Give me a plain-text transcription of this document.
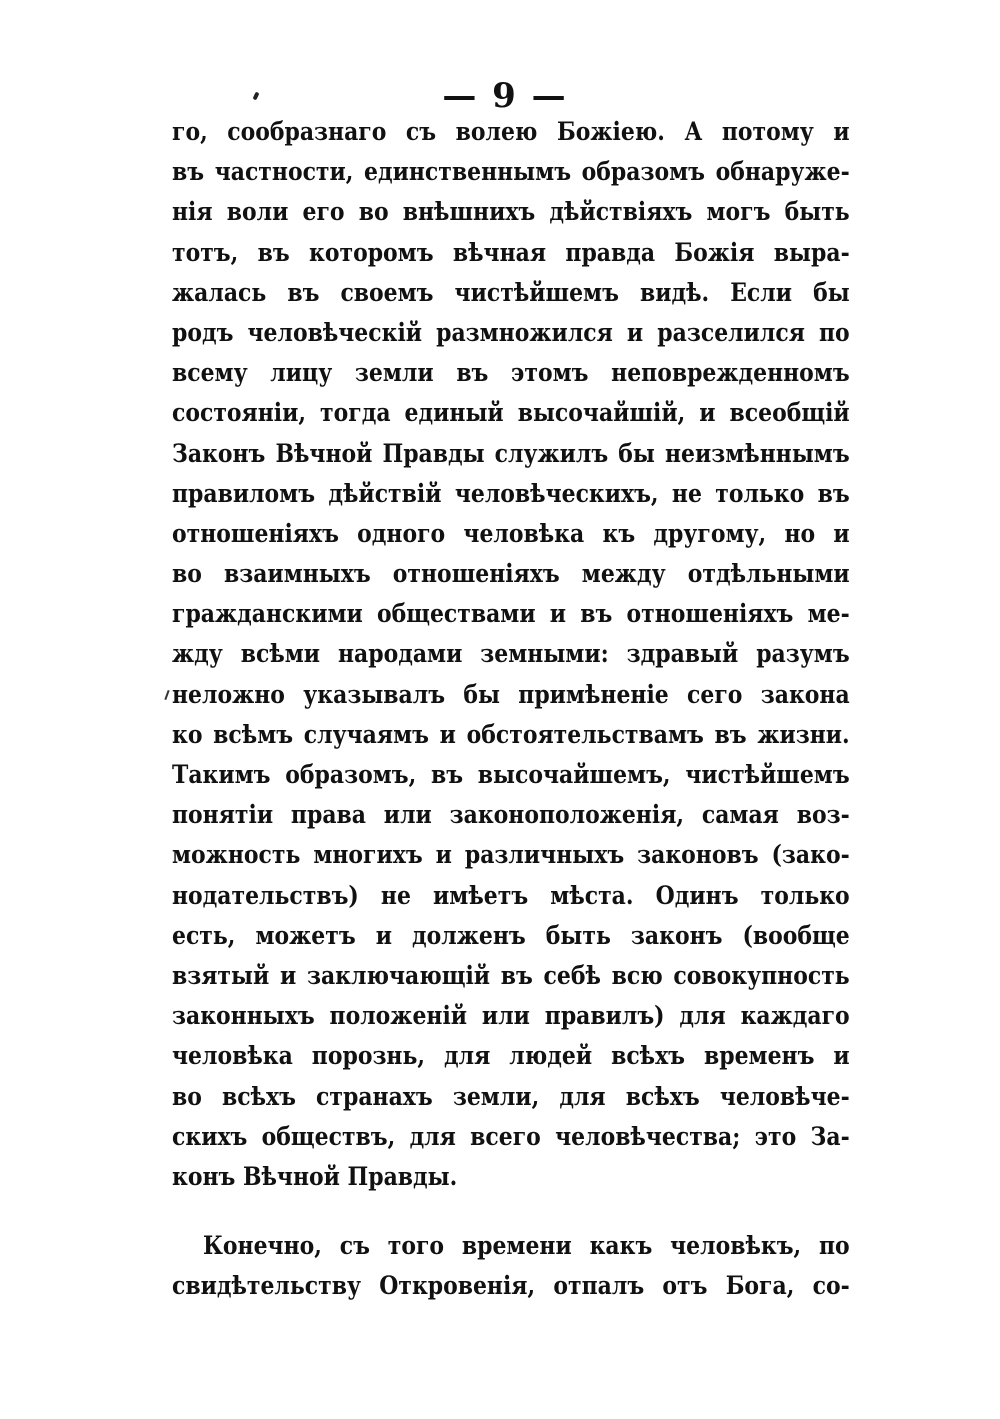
— 9 —
го, сообразнаго съ волею Божіею. А потому и
въ частности, единственнымъ образомъ обнаруже-
нія воли его во внѣшнихъ дѣйствіяхъ могъ быть
тотъ, въ которомъ вѣчная правда Божія выра-
жалась въ своемъ чистѣйшемъ видѣ. Если бы
родъ человѣческій размножился и разселился по
всему лицу земли въ этомъ неповрежденномъ
состояніи, тогда единый высочайшій, и всеобщій
Законъ Вѣчной Правды служилъ бы неизмѣннымъ
правиломъ дѣйствій человѣческихъ, не только въ
отношеніяхъ одного человѣка къ другому, но и
во взаимныхъ отношеніяхъ между отдѣльными
гражданскими обществами и въ отношеніяхъ ме-
жду всѣми народами земными: здравый разумъ
неложно указывалъ бы примѣненіе сего закона
ко всѣмъ случаямъ и обстоятельствамъ въ жизни.
Такимъ образомъ, въ высочайшемъ, чистѣйшемъ
понятіи права или законоположенія, самая воз-
можность многихъ и различныхъ законовъ (зако-
нодательствъ) не имѣетъ мѣста. Одинъ только
есть, можетъ и долженъ быть законъ (вообще
взятый и заключающій въ себѣ всю совокупность
законныхъ положеній или правилъ) для каждаго
человѣка порознь, для людей всѣхъ временъ и
во всѣхъ странахъ земли, для всѣхъ человѣче-
скихъ обществъ, для всего человѣчества; это За-
конъ Вѣчной Правды.
Конечно, съ того времени какъ человѣкъ, по
свидѣтельству Откровенія, отпалъ отъ Бога, со-
